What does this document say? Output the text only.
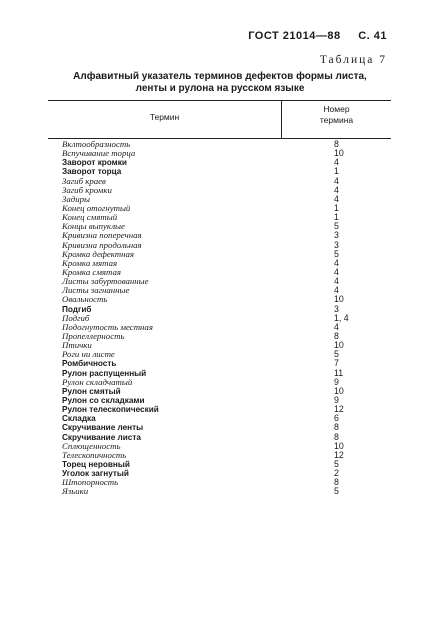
ГОСТ 21014—88 С. 41
Таблица 7
Алфавитный указатель терминов дефектов формы листа,
ленты и рулона на русском языке
Термин
Номер
термина
Вклтообразность	8
Вспучивание торца	10
Заворот кромки	4
Заворот торца	1
Загиб краев	4
Загиб кромки	4
Задиры	4
Конец отогнутый	1
Конец смятый	1
Концы выпуклые	5
Кривизна поперечная	3
Кривизна продольная	3
Кромка дефектная	5
Кромка мятая	4
Кромка смятая	4
Листы забуртованные	4
Листы загнанные	4
Овальность	10
Подгиб	3
Подгиб	1, 4
Подогнутость местная	4
Пропеллерность	8
Птички	10
Роги ни листе	5
Ромбичность	7
Рулон распущенный	11
Рулон складчатый	9
Рулон смятый	10
Рулон со складками	9
Рулон телескопический	12
Складка	6
Скручивание ленты	8
Скручивание листа	8
Сплющенность	10
Телескопичность	12
Торец неровный	5
Уголок загнутый	2
Штопорность	8
Язьики	5
